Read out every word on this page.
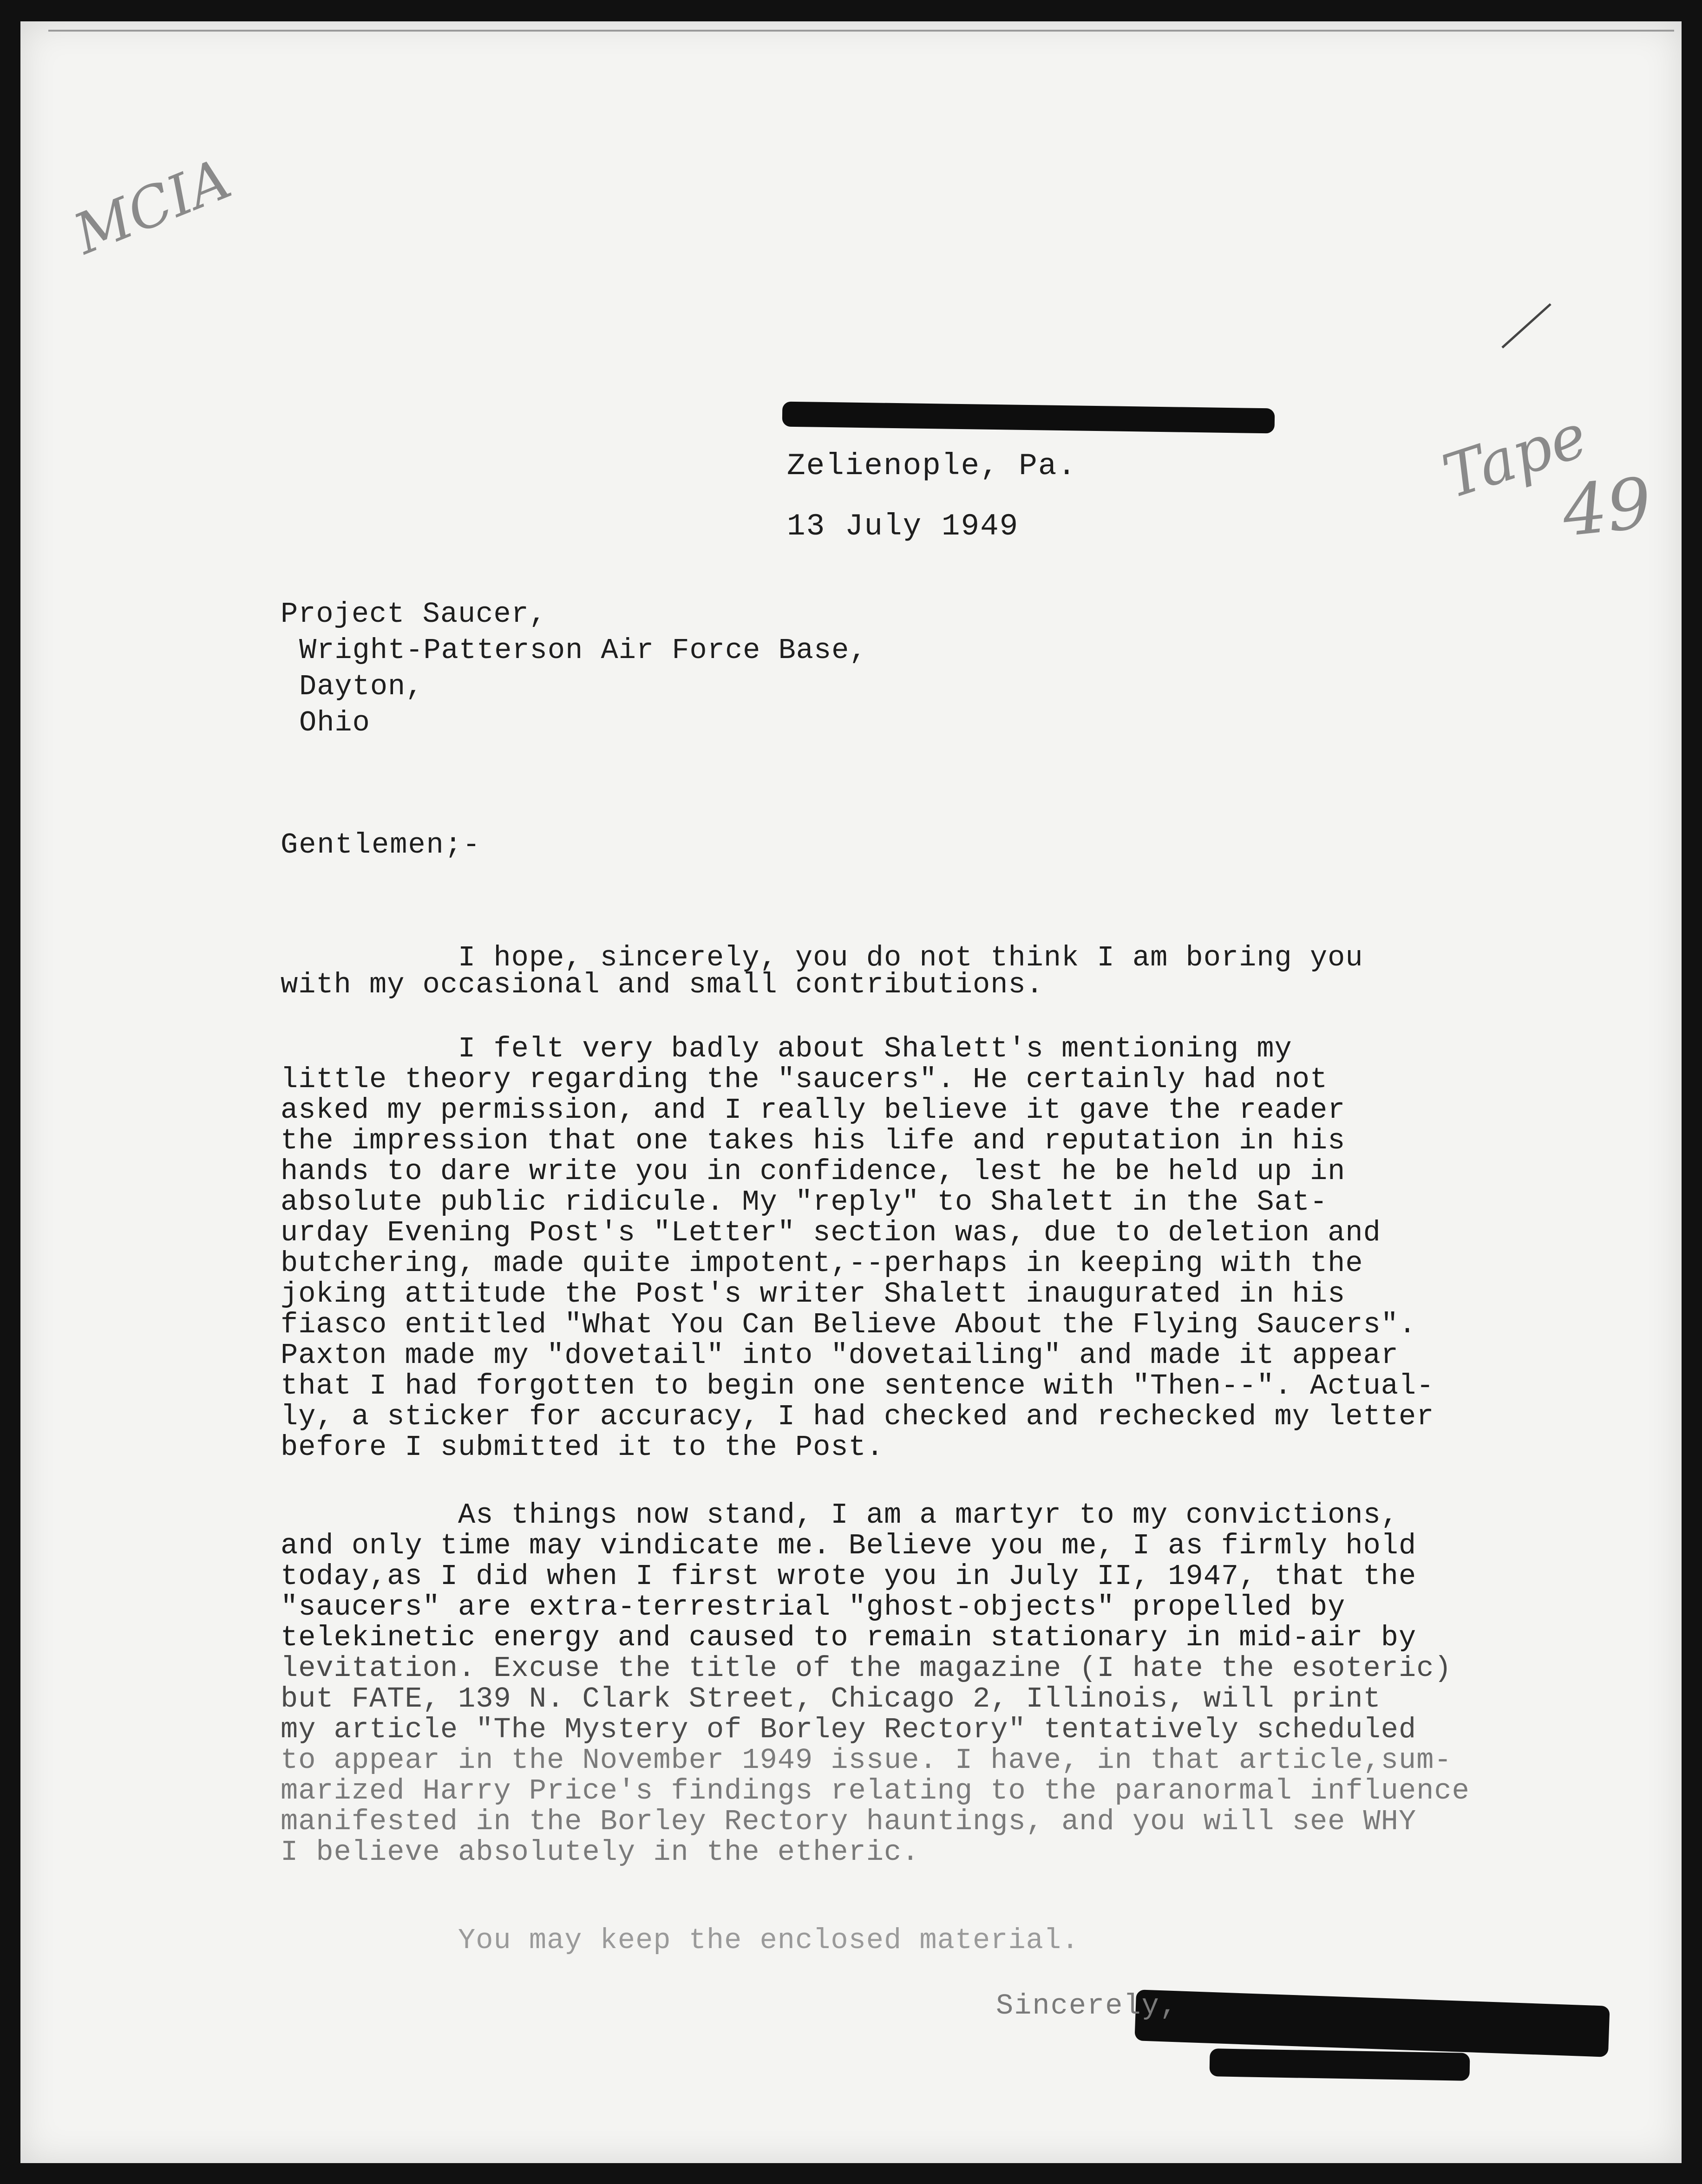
MCIA
Tape
49
Zelienople, Pa.
13 July 1949
Project Saucer,
Wright-Patterson Air Force Base,
Dayton,
Ohio
Gentlemen;-
I hope, sincerely, you do not think I am boring you
with my occasional and small contributions.
I felt very badly about Shalett's mentioning my
little theory regarding the "saucers". He certainly had not
asked my permission, and I really believe it gave the reader
the impression that one takes his life and reputation in his
hands to dare write you in confidence, lest he be held up in
absolute public ridicule. My "reply" to Shalett in the Sat-
urday Evening Post's "Letter" section was, due to deletion and
butchering, made quite impotent,--perhaps in keeping with the
joking attitude the Post's writer Shalett inaugurated in his
fiasco entitled "What You Can Believe About the Flying Saucers".
Paxton made my "dovetail" into "dovetailing" and made it appear
that I had forgotten to begin one sentence with "Then--". Actual-
ly, a sticker for accuracy, I had checked and rechecked my letter
before I submitted it to the Post.
As things now stand, I am a martyr to my convictions,
and only time may vindicate me. Believe you me, I as firmly hold
today,as I did when I first wrote you in July II, 1947, that the
"saucers" are extra-terrestrial "ghost-objects" propelled by
telekinetic energy and caused to remain stationary in mid-air by
levitation. Excuse the title of the magazine (I hate the esoteric)
but FATE, 139 N. Clark Street, Chicago 2, Illinois, will print
my article "The Mystery of Borley Rectory" tentatively scheduled
to appear in the November 1949 issue. I have, in that article,sum-
marized Harry Price's findings relating to the paranormal influence
manifested in the Borley Rectory hauntings, and you will see WHY
I believe absolutely in the etheric.
You may keep the enclosed material.
Sincerely,
